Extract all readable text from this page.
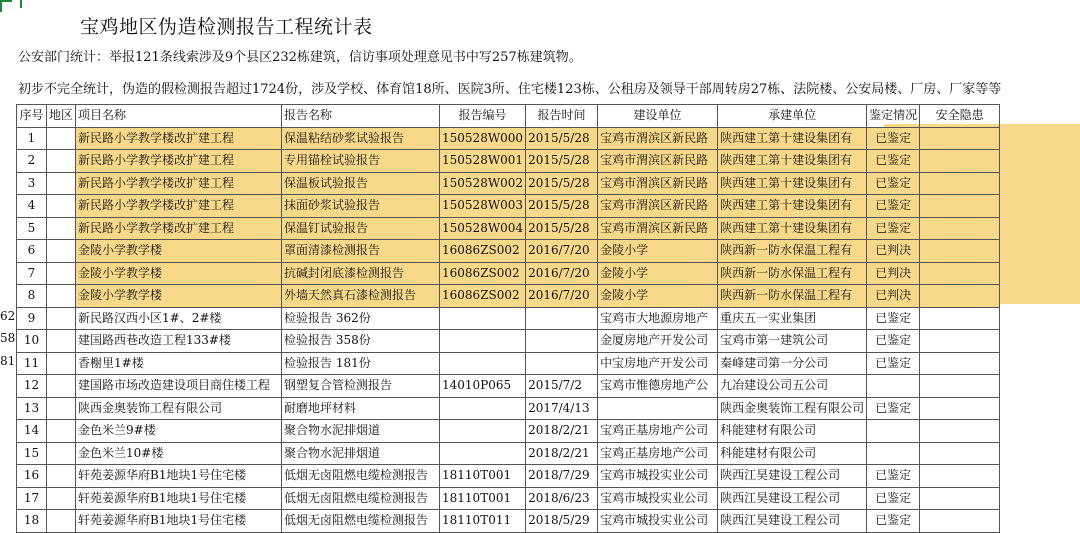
宝鸡地区伪造检测报告工程统计表
公安部门统计：举报121条线索涉及9个县区232栋建筑，信访事项处理意见书中写257栋建筑物。
初步不完全统计，伪造的假检测报告超过1724份，涉及学校、体育馆18所、医院3所、住宅楼123栋、公租房及领导干部周转房27栋、法院楼、公安局楼、厂房、厂家等等
62
58
81
序号	地区	项目名称	报告名称	报告编号	报告时间	建设单位	承建单位	鉴定情况	安全隐患
1		新民路小学教学楼改扩建工程	保温粘结砂浆试验报告	150528W000	2015/5/28	宝鸡市渭滨区新民路	陕西建工第十建设集团有	已鉴定	
2		新民路小学教学楼改扩建工程	专用锚栓试验报告	150528W001	2015/5/28	宝鸡市渭滨区新民路	陕西建工第十建设集团有	已鉴定	
3		新民路小学教学楼改扩建工程	保温板试验报告	150528W002	2015/5/28	宝鸡市渭滨区新民路	陕西建工第十建设集团有	已鉴定	
4		新民路小学教学楼改扩建工程	抹面砂浆试验报告	150528W003	2015/5/28	宝鸡市渭滨区新民路	陕西建工第十建设集团有	已鉴定	
5		新民路小学教学楼改扩建工程	保温钉试验报告	150528W004	2015/5/28	宝鸡市渭滨区新民路	陕西建工第十建设集团有	已鉴定	
6		金陵小学教学楼	罩面清漆检测报告	16086ZS002	2016/7/20	金陵小学	陕西新一防水保温工程有	已判决	
7		金陵小学教学楼	抗碱封闭底漆检测报告	16086ZS002	2016/7/20	金陵小学	陕西新一防水保温工程有	已判决	
8		金陵小学教学楼	外墙天然真石漆检测报告	16086ZS002	2016/7/20	金陵小学	陕西新一防水保温工程有	已判决	
9		新民路汉西小区1#、2#楼	检验报告 362份			宝鸡市大地源房地产	重庆五一实业集团	已鉴定	
10		建国路西巷改造工程133#楼	检验报告 358份			金厦房地产开发公司	宝鸡市第一建筑公司	已鉴定	
11		香榭里1#楼	检验报告 181份			中宝房地产开发公司	秦峰建司第一分公司	已鉴定	
12		建国路市场改造建设项目商住楼工程	钢塑复合管检测报告	14010P065	2015/7/2	宝鸡市惟德房地产公	九冶建设公司五公司		
13		陕西金奥装饰工程有限公司	耐磨地坪材料		2017/4/13		陕西金奥装饰工程有限公司	已鉴定	
14		金色米兰9#楼	聚合物水泥排烟道		2018/2/21	宝鸡正基房地产公司	科能建材有限公司		
15		金色米兰10#楼	聚合物水泥排烟道		2018/2/21	宝鸡正基房地产公司	科能建材有限公司		
16		轩苑姜源华府B1地块1号住宅楼	低烟无卤阻燃电缆检测报告	18110T001	2018/7/29	宝鸡市城投实业公司	陕西江昊建设工程公司	已鉴定	
17		轩苑姜源华府B1地块1号住宅楼	低烟无卤阻燃电缆检测报告	18110T001	2018/6/23	宝鸡市城投实业公司	陕西江昊建设工程公司	已鉴定	
18		轩苑姜源华府B1地块1号住宅楼	低烟无卤阻燃电缆检测报告	18110T011	2018/5/29	宝鸡市城投实业公司	陕西江昊建设工程公司	已鉴定	
